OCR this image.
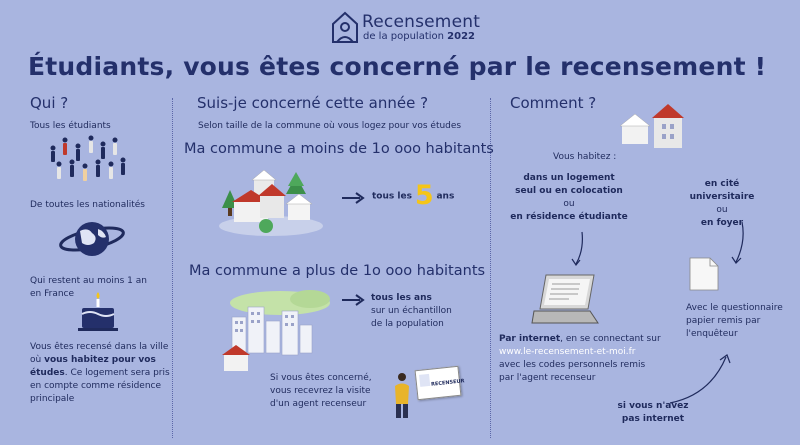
Recensement
de la population 2022
Étudiants, vous êtes concerné par le recensement !
Qui ?
Tous les étudiants
De toutes les nationalités
Qui restent au moins 1 an
en France
Vous êtes recensé dans la ville
où vous habitez pour vos
études. Ce logement sera pris
en compte comme résidence
principale
Suis-je concerné cette année ?
Selon taille de la commune où vous logez pour vos études
Ma commune a moins de 1o ooo habitants
tous les 5 ans
Ma commune a plus de 1o ooo habitants
tous les ans
sur un échantillon
de la population
Si vous êtes concerné,
vous recevrez la visite
d'un agent recenseur
RECENSEUR
Comment ?
Vous habitez :
dans un logement
seul ou en colocation
ou
en résidence étudiante
en cité universitaire
ou
en foyer
Par internet, en se connectant sur
www.le-recensement-et-moi.fr
avec les codes personnels remis
par l'agent recenseur
Avec le questionnaire
papier remis par
l'enquêteur
si vous n'avez
pas internet
